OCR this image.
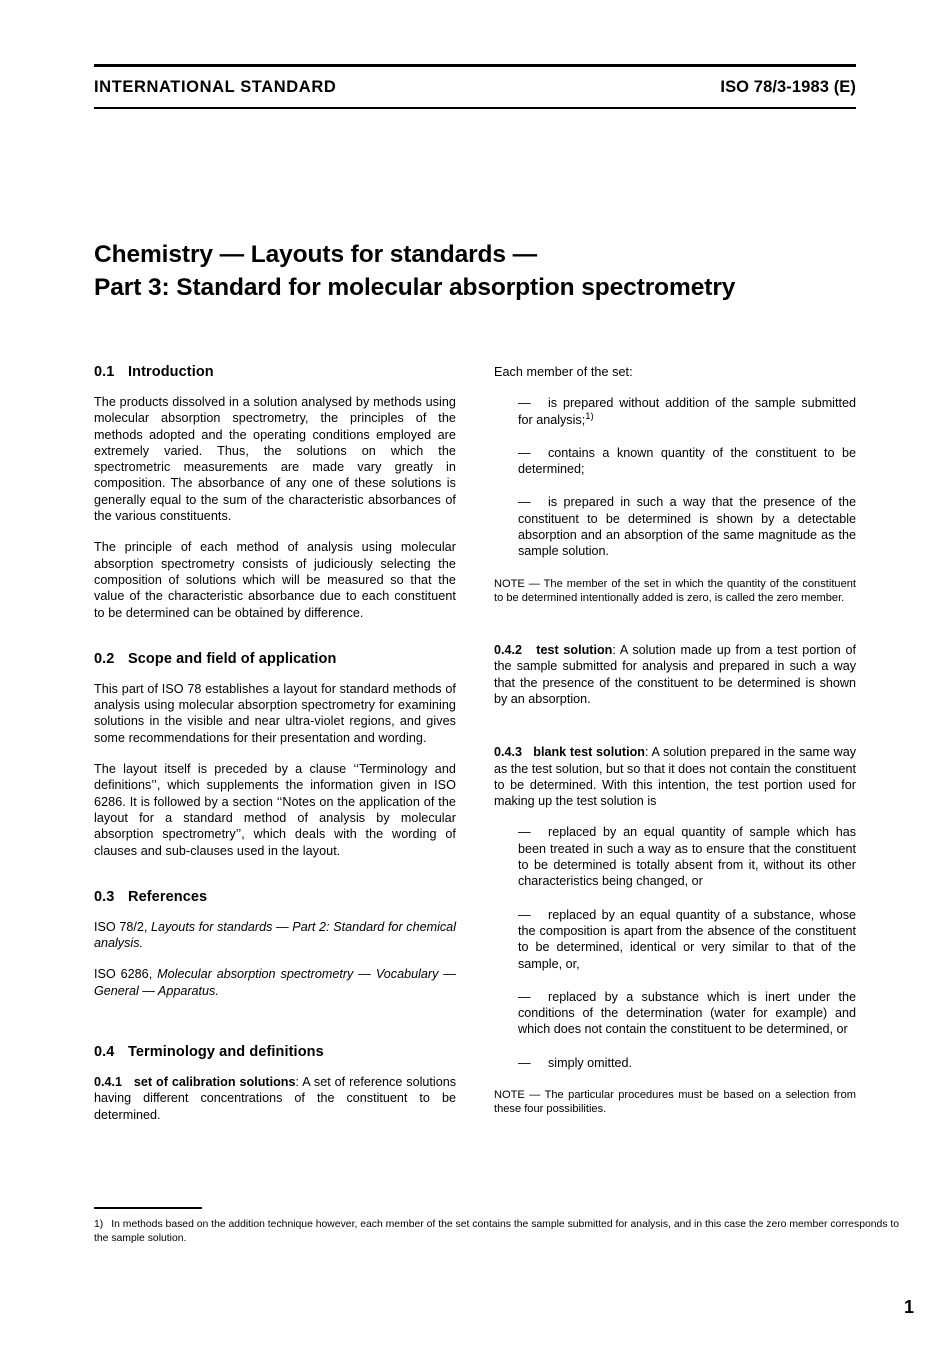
INTERNATIONAL STANDARD	ISO 78/3-1983 (E)
Chemistry — Layouts for standards —
Part 3: Standard for molecular absorption spectrometry
0.1 Introduction

The products dissolved in a solution analysed by methods using molecular absorption spectrometry, the principles of the methods adopted and the operating conditions employed are extremely varied. Thus, the solutions on which the spectrometric measurements are made vary greatly in composition. The absorbance of any one of these solutions is generally equal to the sum of the characteristic absorbances of the various constituents.

The principle of each method of analysis using molecular absorption spectrometry consists of judiciously selecting the composition of solutions which will be measured so that the value of the characteristic absorbance due to each constituent to be determined can be obtained by difference.

0.2 Scope and field of application

This part of ISO 78 establishes a layout for standard methods of analysis using molecular absorption spectrometry for examining solutions in the visible and near ultra-violet regions, and gives some recommendations for their presentation and wording.

The layout itself is preceded by a clause ‘‘Terminology and definitions’’, which supplements the information given in ISO 6286. It is followed by a section ‘‘Notes on the application of the layout for a standard method of analysis by molecular absorption spectrometry’’, which deals with the wording of clauses and sub-clauses used in the layout.

0.3 References

ISO 78/2, Layouts for standards — Part 2: Standard for chemical analysis.

ISO 6286, Molecular absorption spectrometry — Vocabulary — General — Apparatus.

0.4 Terminology and definitions

0.4.1 set of calibration solutions: A set of reference solutions having different concentrations of the constituent to be determined.

Each member of the set:

— is prepared without addition of the sample submitted for analysis;$^{1)}$

— contains a known quantity of the constituent to be determined;

— is prepared in such a way that the presence of the constituent to be determined is shown by a detectable absorption and an absorption of the same magnitude as the sample solution.

NOTE — The member of the set in which the quantity of the constituent to be determined intentionally added is zero, is called the zero member.

0.4.2 test solution: A solution made up from a test portion of the sample submitted for analysis and prepared in such a way that the presence of the constituent to be determined is shown by an absorption.

0.4.3 blank test solution: A solution prepared in the same way as the test solution, but so that it does not contain the constituent to be determined. With this intention, the test portion used for making up the test solution is

— replaced by an equal quantity of sample which has been treated in such a way as to ensure that the constituent to be determined is totally absent from it, without its other characteristics being changed, or

— replaced by an equal quantity of a substance, whose the composition is apart from the absence of the constituent to be determined, identical or very similar to that of the sample, or,

— replaced by a substance which is inert under the conditions of the determination (water for example) and which does not contain the constituent to be determined, or

— simply omitted.

NOTE — The particular procedures must be based on a selection from these four possibilities.

1) In methods based on the addition technique however, each member of the set contains the sample submitted for analysis, and in this case the zero member corresponds to the sample solution.
1
